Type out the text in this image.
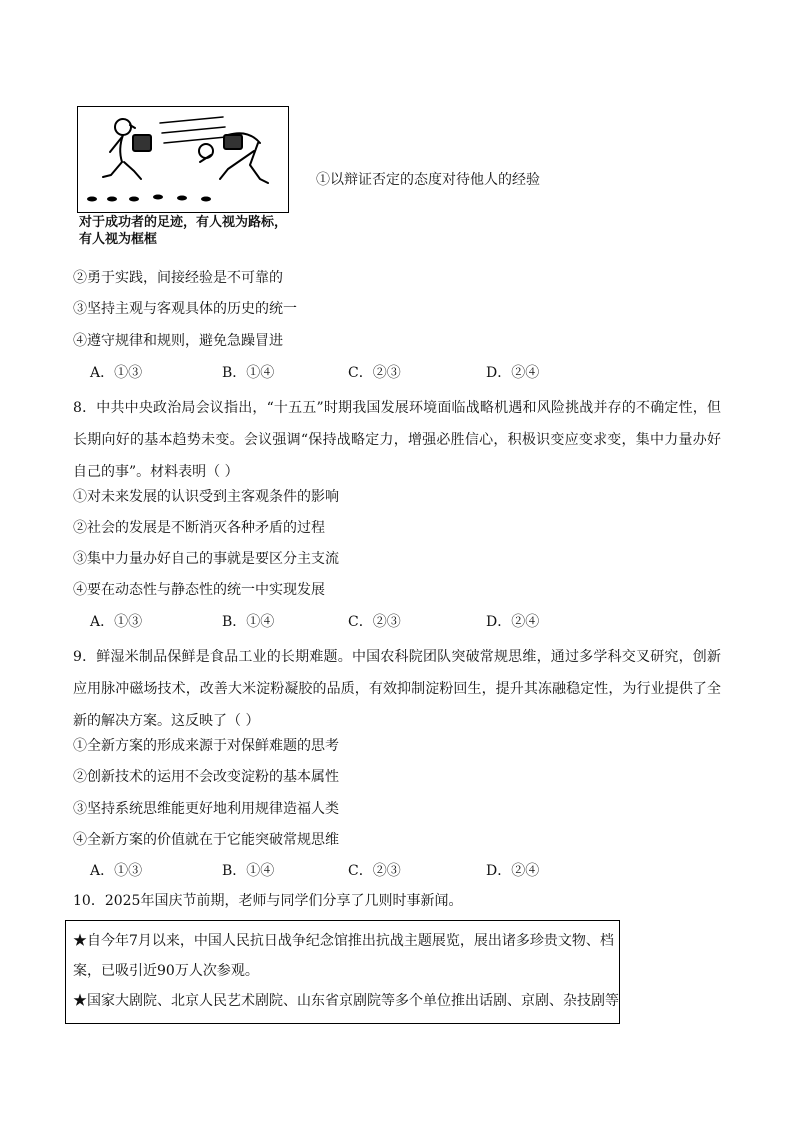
对于成功者的足迹，有人视为路标，
有人视为框框
①以辩证否定的态度对待他人的经验
②勇于实践，间接经验是不可靠的
③坚持主观与客观具体的历史的统一
④遵守规律和规则，避免急躁冒进
A．①③	B．①④	C．②③	D．②④
8．中共中央政治局会议指出，“十五五”时期我国发展环境面临战略机遇和风险挑战并存的不确定性，但长期向好的基本趋势未变。会议强调“保持战略定力，增强必胜信心，积极识变应变求变，集中力量办好自己的事”。材料表明（ ）
①对未来发展的认识受到主客观条件的影响
②社会的发展是不断消灭各种矛盾的过程
③集中力量办好自己的事就是要区分主支流
④要在动态性与静态性的统一中实现发展
A．①③	B．①④	C．②③	D．②④
9．鲜湿米制品保鲜是食品工业的长期难题。中国农科院团队突破常规思维，通过多学科交叉研究，创新应用脉冲磁场技术，改善大米淀粉凝胶的品质，有效抑制淀粉回生，提升其冻融稳定性，为行业提供了全新的解决方案。这反映了（ ）
①全新方案的形成来源于对保鲜难题的思考
②创新技术的运用不会改变淀粉的基本属性
③坚持系统思维能更好地利用规律造福人类
④全新方案的价值就在于它能突破常规思维
A．①③	B．①④	C．②③	D．②④
10．2025年国庆节前期，老师与同学们分享了几则时事新闻。
★自今年7月以来，中国人民抗日战争纪念馆推出抗战主题展览，展出诸多珍贵文物、档
案，已吸引近90万人次参观。
★国家大剧院、北京人民艺术剧院、山东省京剧院等多个单位推出话剧、京剧、杂技剧等
